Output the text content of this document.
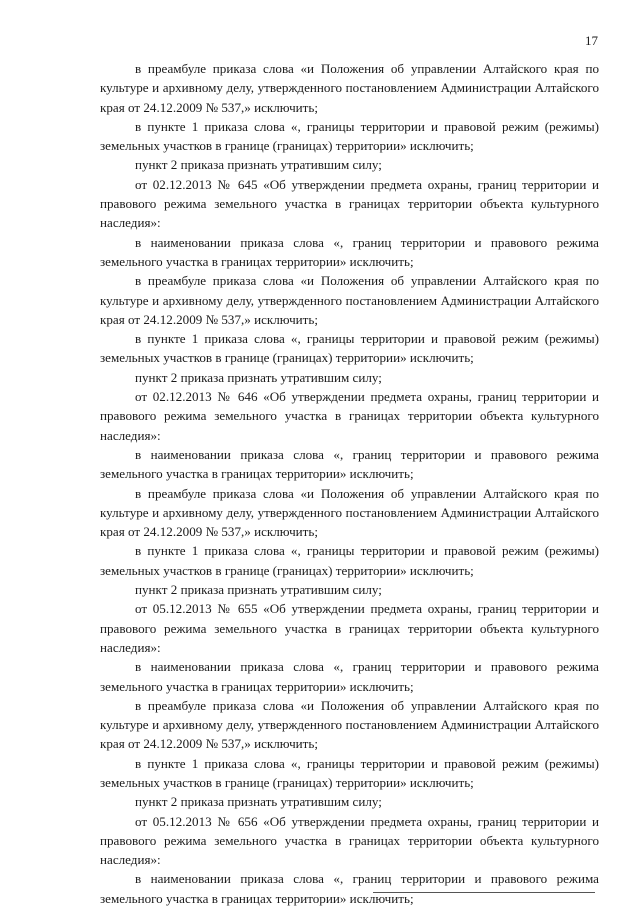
17

в преамбуле приказа слова «и Положения об управлении Алтайского края по культуре и архивному делу, утвержденного постановлением Администрации Алтайского края от 24.12.2009 № 537,» исключить;

в пункте 1 приказа слова «, границы территории и правовой режим (режимы) земельных участков в границе (границах) территории» исключить;

пункт 2 приказа признать утратившим силу;

от 02.12.2013 № 645 «Об утверждении предмета охраны, границ территории и правового режима земельного участка в границах территории объекта культурного наследия»:

в наименовании приказа слова «, границ территории и правового режима земельного участка в границах территории» исключить;

в преамбуле приказа слова «и Положения об управлении Алтайского края по культуре и архивному делу, утвержденного постановлением Администрации Алтайского края от 24.12.2009 № 537,» исключить;

в пункте 1 приказа слова «, границы территории и правовой режим (режимы) земельных участков в границе (границах) территории» исключить;

пункт 2 приказа признать утратившим силу;

от 02.12.2013 № 646 «Об утверждении предмета охраны, границ территории и правового режима земельного участка в границах территории объекта культурного наследия»:

в наименовании приказа слова «, границ территории и правового режима земельного участка в границах территории» исключить;

в преамбуле приказа слова «и Положения об управлении Алтайского края по культуре и архивному делу, утвержденного постановлением Администрации Алтайского края от 24.12.2009 № 537,» исключить;

в пункте 1 приказа слова «, границы территории и правовой режим (режимы) земельных участков в границе (границах) территории» исключить;

пункт 2 приказа признать утратившим силу;

от 05.12.2013 № 655 «Об утверждении предмета охраны, границ территории и правового режима земельного участка в границах территории объекта культурного наследия»:

в наименовании приказа слова «, границ территории и правового режима земельного участка в границах территории» исключить;

в преамбуле приказа слова «и Положения об управлении Алтайского края по культуре и архивному делу, утвержденного постановлением Администрации Алтайского края от 24.12.2009 № 537,» исключить;

в пункте 1 приказа слова «, границы территории и правовой режим (режимы) земельных участков в границе (границах) территории» исключить;

пункт 2 приказа признать утратившим силу;

от 05.12.2013 № 656 «Об утверждении предмета охраны, границ территории и правового режима земельного участка в границах территории объекта культурного наследия»:

в наименовании приказа слова «, границ территории и правового режима земельного участка в границах территории» исключить;
